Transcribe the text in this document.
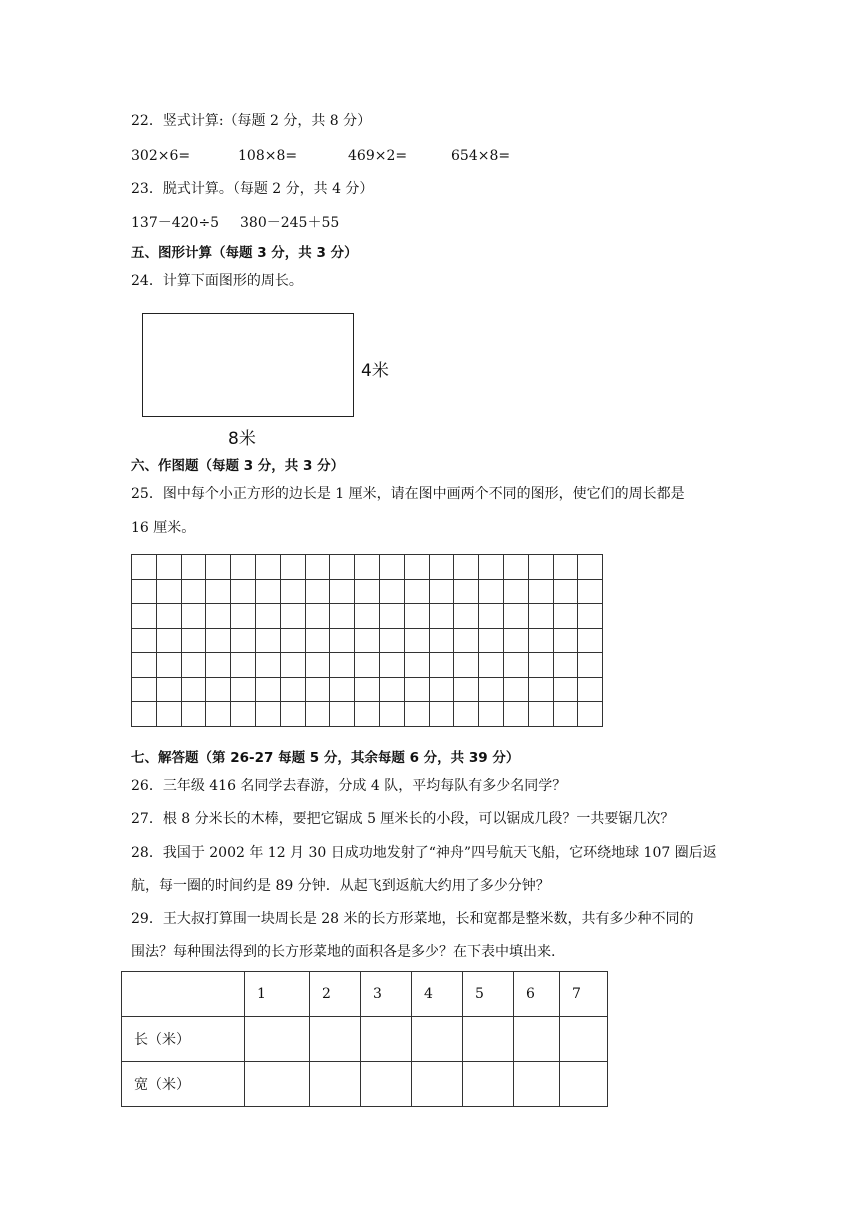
22．竖式计算:（每题 2 分，共 8 分）
302×6=	108×8=	469×2=	654×8=
23．脱式计算。（每题 2 分，共 4 分）
137－420÷5 380－245＋55
五、图形计算（每题 3 分，共 3 分）
24．计算下面图形的周长。
4米
8米
六、作图题（每题 3 分，共 3 分）
25．图中每个小正方形的边长是 1 厘米，请在图中画两个不同的图形，使它们的周长都是
16 厘米。

七、解答题（第 26-27 每题 5 分，其余每题 6 分，共 39 分）
26．三年级 416 名同学去春游，分成 4 队，平均每队有多少名同学？
27．根 8 分米长的木棒，要把它锯成 5 厘米长的小段，可以锯成几段？一共要锯几次？
28．我国于 2002 年 12 月 30 日成功地发射了“神舟”四号航天飞船，它环绕地球 107 圈后返
航，每一圈的时间约是 89 分钟．从起飞到返航大约用了多少分钟？
29．王大叔打算围一块周长是 28 米的长方形菜地，长和宽都是整米数，共有多少种不同的
围法？每种围法得到的长方形菜地的面积各是多少？在下表中填出来.
	1	2	3	4	5	6	7
长（米）							
宽（米）							
